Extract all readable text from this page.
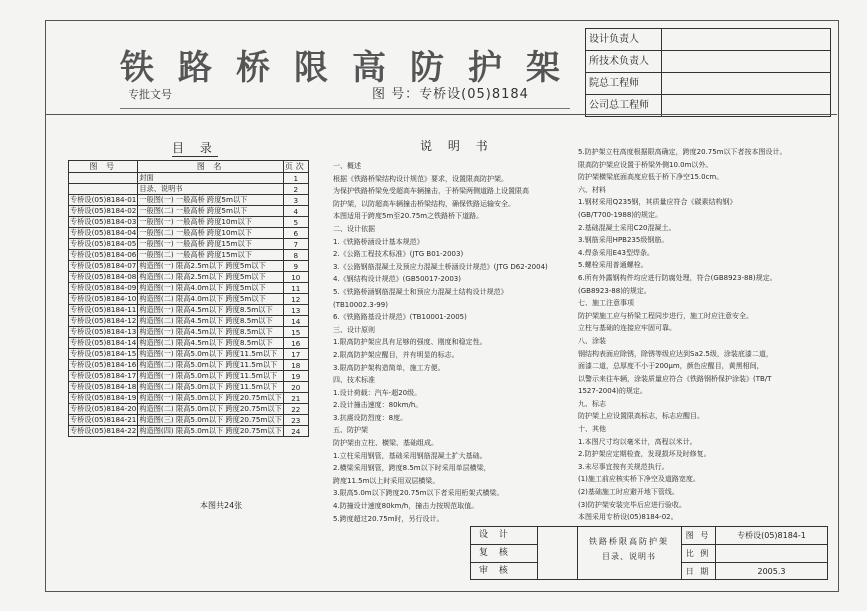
铁路桥限高防护架
专批文号	图 号：专桥设(05)8184
设计负责人
所技术负责人
院总工程师
公司总工程师
目 录
图 号	图 名	页次
	封面	1
	目录、说明书	2
专桥设(05)8184-01	一般图(一) 一般高桥 跨度5m以下	3
专桥设(05)8184-02	一般图(二) 一般高桥 跨度5m以下	4
专桥设(05)8184-03	一般图(一) 一般高桥 跨度10m以下	5
专桥设(05)8184-04	一般图(二) 一般高桥 跨度10m以下	6
专桥设(05)8184-05	一般图(一) 一般高桥 跨度15m以下	7
专桥设(05)8184-06	一般图(二) 一般高桥 跨度15m以下	8
专桥设(05)8184-07	构造图(一) 限高2.5m以下 跨度5m以下	9
专桥设(05)8184-08	构造图(二) 限高2.5m以下 跨度5m以下	10
专桥设(05)8184-09	构造图(一) 限高4.0m以下 跨度5m以下	11
专桥设(05)8184-10	构造图(二) 限高4.0m以下 跨度5m以下	12
专桥设(05)8184-11	构造图(一) 限高4.5m以下 跨度8.5m以下	13
专桥设(05)8184-12	构造图(二) 限高4.5m以下 跨度8.5m以下	14
专桥设(05)8184-13	构造图(一) 限高4.5m以下 跨度8.5m以下	15
专桥设(05)8184-14	构造图(二) 限高4.5m以下 跨度8.5m以下	16
专桥设(05)8184-15	构造图(一) 限高5.0m以下 跨度11.5m以下	17
专桥设(05)8184-16	构造图(二) 限高5.0m以下 跨度11.5m以下	18
专桥设(05)8184-17	构造图(一) 限高5.0m以下 跨度11.5m以下	19
专桥设(05)8184-18	构造图(二) 限高5.0m以下 跨度11.5m以下	20
专桥设(05)8184-19	构造图(一) 限高5.0m以下 跨度20.75m以下	21
专桥设(05)8184-20	构造图(二) 限高5.0m以下 跨度20.75m以下	22
专桥设(05)8184-21	构造图(三) 限高5.0m以下 跨度20.75m以下	23
专桥设(05)8184-22	构造图(四) 限高5.0m以下 跨度20.75m以下	24
本图共24张
说 明 书
一、概述
根据《铁路桥梁结构设计规范》要求，设置限高防护架。
为保护铁路桥梁免受超高车辆撞击，于桥梁两侧道路上设置限高
防护架，以防超高车辆撞击桥梁结构，确保铁路运输安全。
本图适用于跨度5m至20.75m之铁路桥下道路。
二、设计依据
1.《铁路桥涵设计基本规范》
2.《公路工程技术标准》(JTG B01-2003)
3.《公路钢筋混凝土及预应力混凝土桥涵设计规范》(JTG D62-2004)
4.《钢结构设计规范》(GB50017-2003)
5.《铁路桥涵钢筋混凝土和预应力混凝土结构设计规范》
(TB10002.3-99)
6.《铁路路基设计规范》(TB10001-2005)
三、设计原则
1.限高防护架应具有足够的强度、刚度和稳定性。
2.限高防护架应醒目，并有明显的标志。
3.限高防护架构造简单，施工方便。
四、技术标准
1.设计荷载：汽车-超20级。
2.设计撞击速度：80km/h。
3.抗震设防烈度：8度。
五、防护架
防护架由立柱、横梁、基础组成。
1.立柱采用钢管，基础采用钢筋混凝土扩大基础。
2.横梁采用钢管，跨度8.5m以下时采用单层横梁，
跨度11.5m以上时采用双层横梁。
3.限高5.0m以下跨度20.75m以下者采用桁架式横梁。
4.防撞设计速度80km/h，撞击力按规范取值。
5.跨度超过20.75m时，另行设计。
5.防护架立柱高度根据限高确定，跨度20.75m以下者按本图设计。
限高防护架应设置于桥梁外侧10.0m以外。
防护架横梁底面高度应低于桥下净空15.0cm。
六、材料
1.钢材采用Q235钢，其质量应符合《碳素结构钢》
(GB/T700-1988)的规定。
2.基础混凝土采用C20混凝土。
3.钢筋采用HPB235级钢筋。
4.焊条采用E43型焊条。
5.螺栓采用普通螺栓。
6.所有外露钢构件均应进行防腐处理，符合(GB8923-88)规定。
(GB8923-88)的规定。
七、施工注意事项
防护架施工应与桥梁工程同步进行，施工时应注意安全。
立柱与基础的连接应牢固可靠。
八、涂装
钢结构表面应除锈，除锈等级应达到Sa2.5级，涂装底漆二道，
面漆二道，总厚度不小于200μm，颜色应醒目，黄黑相间，
以警示来往车辆，涂装质量应符合《铁路钢桥保护涂装》(TB/T
1527-2004)的规定。
九、标志
防护架上应设置限高标志，标志应醒目。
十、其他
1.本图尺寸均以毫米计，高程以米计。
2.防护架应定期检查，发现损坏及时修复。
3.未尽事宜按有关规范执行。
(1)施工前应核实桥下净空及道路宽度。
(2)基础施工时应避开地下管线。
(3)防护架安装完毕后应进行验收。
本图采用专桥设(05)8184-02。
设 计
复 核
审 核
铁路桥限高防护架
目录、说明书
图 号	专桥设(05)8184-1
比 例
日 期	2005.3
